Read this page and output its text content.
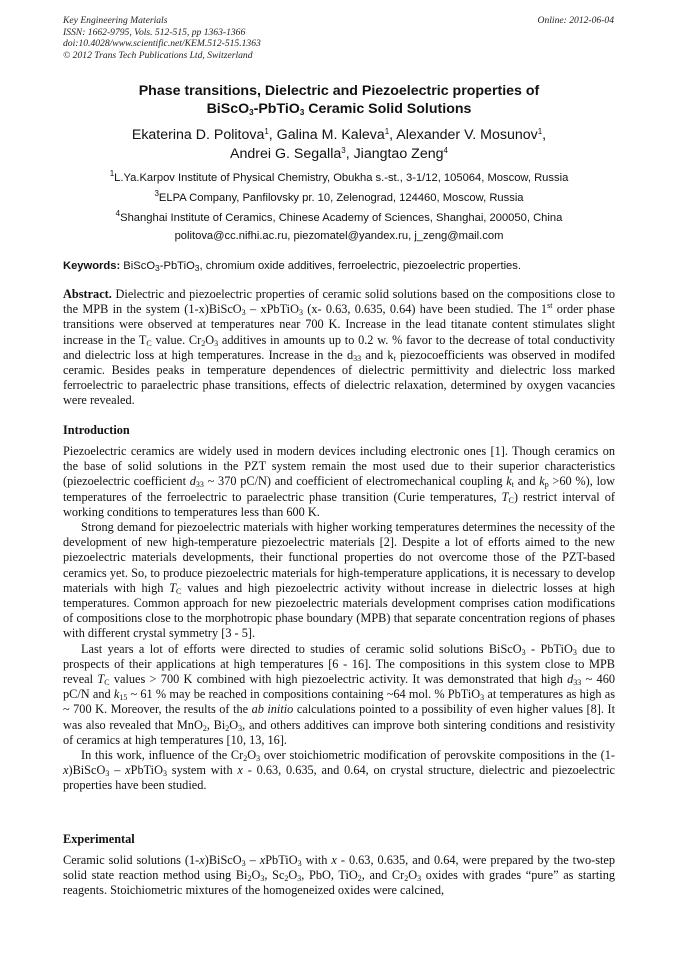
Key Engineering Materials
ISSN: 1662-9795, Vols. 512-515, pp 1363-1366
doi:10.4028/www.scientific.net/KEM.512-515.1363
© 2012 Trans Tech Publications Ltd, Switzerland
Online: 2012-06-04
Phase transitions, Dielectric and Piezoelectric properties of
BiScO$_3$-PbTiO$_3$ Ceramic Solid Solutions
Ekaterina D. Politova$^1$, Galina M. Kaleva$^1$, Alexander V. Mosunov$^1$,
Andrei G. Segalla$^3$, Jiangtao Zeng$^4$
$^1$L.Ya.Karpov Institute of Physical Chemistry, Obukha s.-st., 3-1/12, 105064, Moscow, Russia
$^3$ELPA Company, Panfilovsky pr. 10, Zelenograd, 124460, Moscow, Russia
$^4$Shanghai Institute of Ceramics, Chinese Academy of Sciences, Shanghai, 200050, China
politova@cc.nifhi.ac.ru, piezomatel@yandex.ru, j_zeng@mail.com
Keywords: BiScO$_3$-PbTiO$_3$, chromium oxide additives, ferroelectric, piezoelectric properties.

Abstract. Dielectric and piezoelectric properties of ceramic solid solutions based on the compositions close to the MPB in the system (1-x)BiScO$_3$ – xPbTiO$_3$ (x- 0.63, 0.635, 0.64) have been studied. The 1st order phase transitions were observed at temperatures near 700 K. Increase in the lead titanate content stimulates slight increase in the $T_C$ value. $Cr_2O_3$ additives in amounts up to 0.2 w. % favor to the decrease of total conductivity and dielectric loss at high temperatures. Increase in the $d_{33}$ and $k_t$ piezocoefficients was observed in modifed ceramic. Besides peaks in temperature dependences of dielectric permittivity and dielectric loss marked ferroelectric to paraelectric phase transitions, effects of dielectric relaxation, determined by oxygen vacancies were revealed.

Introduction

Piezoelectric ceramics are widely used in modern devices including electronic ones [1]. Though ceramics on the base of solid solutions in the PZT system remain the most used due to their superior characteristics (piezoelectric coefficient $d_{33}$ ~ 370 pC/N) and coefficient of electromechanical coupling $k_t$ and $k_p >60$ %), low temperatures of the ferroelectric to paraelectric phase transition (Curie temperatures, $T_C$) restrict interval of working conditions to temperatures less than 600 K.

Strong demand for piezoelectric materials with higher working temperatures determines the necessity of the development of new high-temperature piezoelectric materials [2]. Despite a lot of efforts aimed to the new piezoelectric materials developments, their functional properties do not overcome those of the PZT-based ceramics yet. So, to produce piezoelectric materials for high-temperature applications, it is necessary to develop materials with high $T_C$ values and high piezoelectric activity without increase in dielectric losses at high temperatures. Common approach for new piezoelectric materials development comprises cation modifications of compositions close to the morphotropic phase boundary (MPB) that separate concentration regions of phases with different crystal symmetry [3 - 5].

Last years a lot of efforts were directed to studies of ceramic solid solutions BiScO$_3$ - PbTiO$_3$ due to prospects of their applications at high temperatures [6 - 16]. The compositions in this system close to MPB reveal $T_C$ values > 700 K combined with high piezoelectric activity. It was demonstrated that high $d_{33}$ ~ 460 pC/N and $k_{15}$ ~ 61 % may be reached in compositions containing ~64 mol. % PbTiO$_3$ at temperatures as high as ~ 700 K. Moreover, the results of the ab initio calculations pointed to a possibility of even higher values [8]. It was also revealed that MnO$_2$, $Bi_2O_3$, and others additives can improve both sintering conditions and resistivity of ceramics at high temperatures [10, 13, 16].

In this work, influence of the $Cr_2O_3$ over stoichiometric modification of perovskite compositions in the (1-x)BiScO$_3$ – xPbTiO$_3$ system with x - 0.63, 0.635, and 0.64, on crystal structure, dielectric and piezoelectric properties have been studied.

Experimental

Ceramic solid solutions (1-x)BiScO$_3$ – xPbTiO$_3$ with x - 0.63, 0.635, and 0.64, were prepared by the two-step solid state reaction method using $Bi_2O_3$, $Sc_2O_3$, PbO, TiO$_2$, and $Cr_2O_3$ oxides with grades “pure” as starting reagents. Stoichiometric mixtures of the homogeneized oxides were calcined,
